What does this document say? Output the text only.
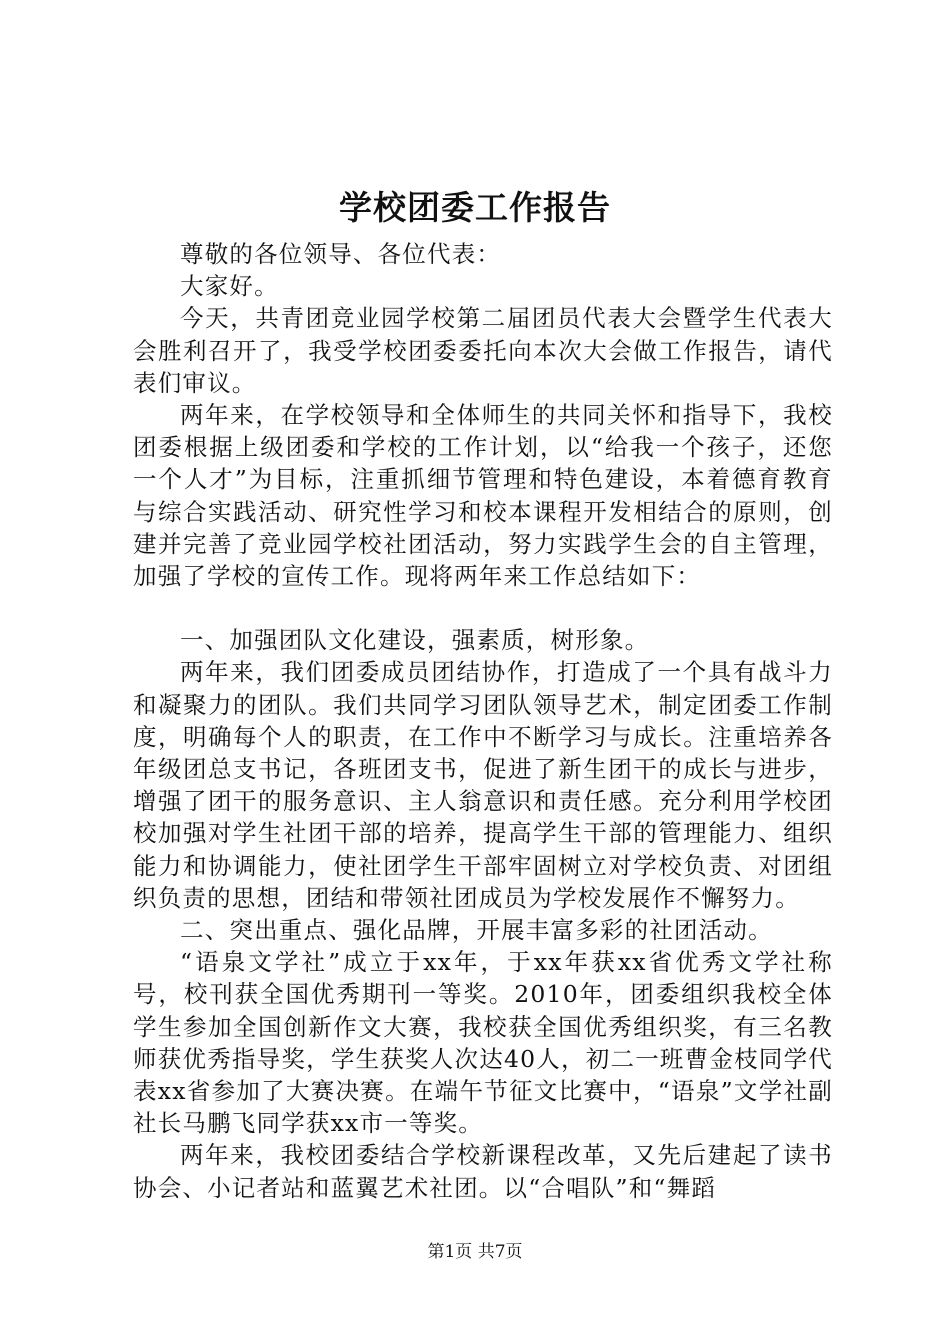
学校团委工作报告

尊敬的各位领导、各位代表：

大家好。

今天，共青团竞业园学校第二届团员代表大会暨学生代表大会胜利召开了，我受学校团委委托向本次大会做工作报告，请代表们审议。

两年来，在学校领导和全体师生的共同关怀和指导下，我校团委根据上级团委和学校的工作计划，以“给我一个孩子，还您一个人才”为目标，注重抓细节管理和特色建设，本着德育教育与综合实践活动、研究性学习和校本课程开发相结合的原则，创建并完善了竞业园学校社团活动，努力实践学生会的自主管理，加强了学校的宣传工作。现将两年来工作总结如下：

一、加强团队文化建设，强素质，树形象。

两年来，我们团委成员团结协作，打造成了一个具有战斗力和凝聚力的团队。我们共同学习团队领导艺术，制定团委工作制度，明确每个人的职责，在工作中不断学习与成长。注重培养各年级团总支书记，各班团支书，促进了新生团干的成长与进步，增强了团干的服务意识、主人翁意识和责任感。充分利用学校团校加强对学生社团干部的培养，提高学生干部的管理能力、组织能力和协调能力，使社团学生干部牢固树立对学校负责、对团组织负责的思想，团结和带领社团成员为学校发展作不懈努力。

二、突出重点、强化品牌，开展丰富多彩的社团活动。

“语泉文学社”成立于xx年，于xx年获xx省优秀文学社称号，校刊获全国优秀期刊一等奖。2010年，团委组织我校全体学生参加全国创新作文大赛，我校获全国优秀组织奖，有三名教师获优秀指导奖，学生获奖人次达40人，初二一班曹金枝同学代表xx省参加了大赛决赛。在端午节征文比赛中，“语泉”文学社副社长马鹏飞同学获xx市一等奖。

两年来，我校团委结合学校新课程改革，又先后建起了读书协会、小记者站和蓝翼艺术社团。以“合唱队”和“舞蹈

第1页 共7页
